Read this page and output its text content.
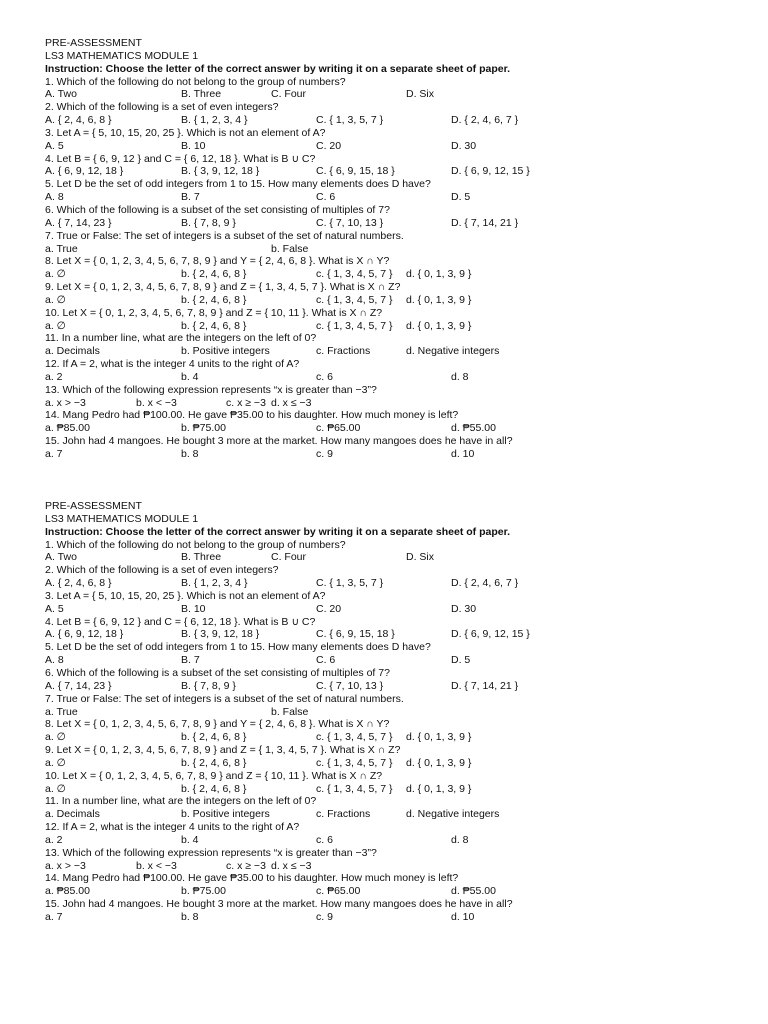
PRE-ASSESSMENT
LS3 MATHEMATICS MODULE 1
Instruction: Choose the letter of the correct answer by writing it on a separate sheet of paper.
1. Which of the following do not belong to the group of numbers?
A. Two	B. Three	C. Four	D. Six
2. Which of the following is a set of even integers?
A. { 2, 4, 6, 8 }	B. { 1, 2, 3, 4 }	C. { 1, 3, 5, 7 }	D. { 2, 4, 6, 7 }
3. Let A = { 5, 10, 15, 20, 25 }. Which is not an element of A?
A. 5	B. 10	C. 20	D. 30
4. Let B = { 6, 9, 12 } and C = { 6, 12, 18 }. What is B ∪ C?
A. { 6, 9, 12, 18 }	B. { 3, 9, 12, 18 }	C. { 6, 9, 15, 18 }	D. { 6, 9, 12, 15 }
5. Let D be the set of odd integers from 1 to 15. How many elements does D have?
A. 8	B. 7	C. 6	D. 5
6. Which of the following is a subset of the set consisting of multiples of 7?
A. { 7, 14, 23 }	B. { 7, 8, 9 }	C. { 7, 10, 13 }	D. { 7, 14, 21 }
7. True or False: The set of integers is a subset of the set of natural numbers.
a. True	b. False
8. Let X = { 0, 1, 2, 3, 4, 5, 6, 7, 8, 9 } and Y = { 2, 4, 6, 8 }. What is X ∩ Y?
a. ∅	b. { 2, 4, 6, 8 }	c. { 1, 3, 4, 5, 7 } d. { 0, 1, 3, 9 }
9. Let X = { 0, 1, 2, 3, 4, 5, 6, 7, 8, 9 } and Z = { 1, 3, 4, 5, 7 }. What is X ∩ Z?
a. ∅	b. { 2, 4, 6, 8 }	c. { 1, 3, 4, 5, 7 } d. { 0, 1, 3, 9 }
10. Let X = { 0, 1, 2, 3, 4, 5, 6, 7, 8, 9 } and Z = { 10, 11 }. What is X ∩ Z?
a. ∅	b. { 2, 4, 6, 8 }	c. { 1, 3, 4, 5, 7 } d. { 0, 1, 3, 9 }
11. In a number line, what are the integers on the left of 0?
a. Decimals	b. Positive integers	c. Fractions	d. Negative integers
12. If A = 2, what is the integer 4 units to the right of A?
a. 2	b. 4	c. 6	d. 8
13. Which of the following expression represents “x is greater than −3”?
a. x > −3	b. x < −3	c. x ≥ −3 d. x ≤ −3
14. Mang Pedro had ₱100.00. He gave ₱35.00 to his daughter. How much money is left?
a. ₱85.00	b. ₱75.00	c. ₱65.00	d. ₱55.00
15. John had 4 mangoes. He bought 3 more at the market. How many mangoes does he have in all?
a. 7	b. 8	c. 9	d. 10
PRE-ASSESSMENT
LS3 MATHEMATICS MODULE 1
Instruction: Choose the letter of the correct answer by writing it on a separate sheet of paper.
1. Which of the following do not belong to the group of numbers?
A. Two	B. Three	C. Four	D. Six
2. Which of the following is a set of even integers?
A. { 2, 4, 6, 8 }	B. { 1, 2, 3, 4 }	C. { 1, 3, 5, 7 }	D. { 2, 4, 6, 7 }
3. Let A = { 5, 10, 15, 20, 25 }. Which is not an element of A?
A. 5	B. 10	C. 20	D. 30
4. Let B = { 6, 9, 12 } and C = { 6, 12, 18 }. What is B ∪ C?
A. { 6, 9, 12, 18 }	B. { 3, 9, 12, 18 }	C. { 6, 9, 15, 18 }	D. { 6, 9, 12, 15 }
5. Let D be the set of odd integers from 1 to 15. How many elements does D have?
A. 8	B. 7	C. 6	D. 5
6. Which of the following is a subset of the set consisting of multiples of 7?
A. { 7, 14, 23 }	B. { 7, 8, 9 }	C. { 7, 10, 13 }	D. { 7, 14, 21 }
7. True or False: The set of integers is a subset of the set of natural numbers.
a. True	b. False
8. Let X = { 0, 1, 2, 3, 4, 5, 6, 7, 8, 9 } and Y = { 2, 4, 6, 8 }. What is X ∩ Y?
a. ∅	b. { 2, 4, 6, 8 }	c. { 1, 3, 4, 5, 7 } d. { 0, 1, 3, 9 }
9. Let X = { 0, 1, 2, 3, 4, 5, 6, 7, 8, 9 } and Z = { 1, 3, 4, 5, 7 }. What is X ∩ Z?
a. ∅	b. { 2, 4, 6, 8 }	c. { 1, 3, 4, 5, 7 } d. { 0, 1, 3, 9 }
10. Let X = { 0, 1, 2, 3, 4, 5, 6, 7, 8, 9 } and Z = { 10, 11 }. What is X ∩ Z?
a. ∅	b. { 2, 4, 6, 8 }	c. { 1, 3, 4, 5, 7 } d. { 0, 1, 3, 9 }
11. In a number line, what are the integers on the left of 0?
a. Decimals	b. Positive integers	c. Fractions	d. Negative integers
12. If A = 2, what is the integer 4 units to the right of A?
a. 2	b. 4	c. 6	d. 8
13. Which of the following expression represents “x is greater than −3”?
a. x > −3	b. x < −3	c. x ≥ −3 d. x ≤ −3
14. Mang Pedro had ₱100.00. He gave ₱35.00 to his daughter. How much money is left?
a. ₱85.00	b. ₱75.00	c. ₱65.00	d. ₱55.00
15. John had 4 mangoes. He bought 3 more at the market. How many mangoes does he have in all?
a. 7	b. 8	c. 9	d. 10
